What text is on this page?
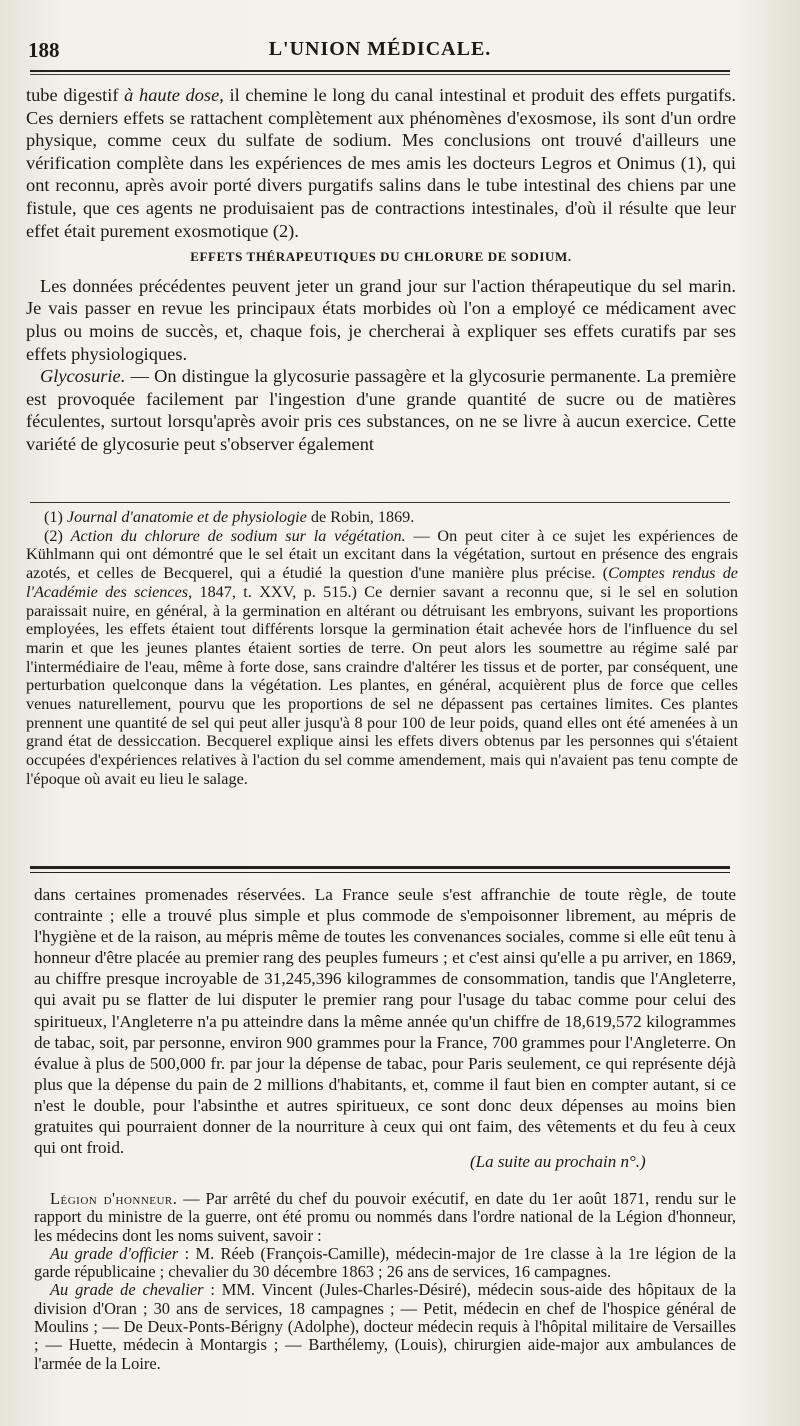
188	L'UNION MÉDICALE.

tube digestif à haute dose, il chemine le long du canal intestinal et produit des effets purgatifs. Ces derniers effets se rattachent complètement aux phénomènes d'exosmose, ils sont d'un ordre physique, comme ceux du sulfate de sodium. Mes conclusions ont trouvé d'ailleurs une vérification complète dans les expériences de mes amis les docteurs Legros et Onimus (1), qui ont reconnu, après avoir porté divers purgatifs salins dans le tube intestinal des chiens par une fistule, que ces agents ne produisaient pas de contractions intestinales, d'où il résulte que leur effet était purement exosmotique (2).

EFFETS THÉRAPEUTIQUES DU CHLORURE DE SODIUM.

Les données précédentes peuvent jeter un grand jour sur l'action thérapeutique du sel marin. Je vais passer en revue les principaux états morbides où l'on a employé ce médicament avec plus ou moins de succès, et, chaque fois, je chercherai à expliquer ses effets curatifs par ses effets physiologiques.

Glycosurie. — On distingue la glycosurie passagère et la glycosurie permanente. La première est provoquée facilement par l'ingestion d'une grande quantité de sucre ou de matières féculentes, surtout lorsqu'après avoir pris ces substances, on ne se livre à aucun exercice. Cette variété de glycosurie peut s'observer également

(1) Journal d'anatomie et de physiologie de Robin, 1869.

(2) Action du chlorure de sodium sur la végétation. — On peut citer à ce sujet les expériences de Kühlmann qui ont démontré que le sel était un excitant dans la végétation, surtout en présence des engrais azotés, et celles de Becquerel, qui a étudié la question d'une manière plus précise. (Comptes rendus de l'Académie des sciences, 1847, t. XXV, p. 515.) Ce dernier savant a reconnu que, si le sel en solution paraissait nuire, en général, à la germination en altérant ou détruisant les embryons, suivant les proportions employées, les effets étaient tout différents lorsque la germination était achevée hors de l'influence du sel marin et que les jeunes plantes étaient sorties de terre. On peut alors les soumettre au régime salé par l'intermédiaire de l'eau, même à forte dose, sans craindre d'altérer les tissus et de porter, par conséquent, une perturbation quelconque dans la végétation. Les plantes, en général, acquièrent plus de force que celles venues naturellement, pourvu que les proportions de sel ne dépassent pas certaines limites. Ces plantes prennent une quantité de sel qui peut aller jusqu'à 8 pour 100 de leur poids, quand elles ont été amenées à un grand état de dessiccation. Becquerel explique ainsi les effets divers obtenus par les personnes qui s'étaient occupées d'expériences relatives à l'action du sel comme amendement, mais qui n'avaient pas tenu compte de l'époque où avait eu lieu le salage.

dans certaines promenades réservées. La France seule s'est affranchie de toute règle, de toute contrainte ; elle a trouvé plus simple et plus commode de s'empoisonner librement, au mépris de l'hygiène et de la raison, au mépris même de toutes les convenances sociales, comme si elle eût tenu à honneur d'être placée au premier rang des peuples fumeurs ; et c'est ainsi qu'elle a pu arriver, en 1869, au chiffre presque incroyable de 31,245,396 kilogrammes de consommation, tandis que l'Angleterre, qui avait pu se flatter de lui disputer le premier rang pour l'usage du tabac comme pour celui des spiritueux, l'Angleterre n'a pu atteindre dans la même année qu'un chiffre de 18,619,572 kilogrammes de tabac, soit, par personne, environ 900 grammes pour la France, 700 grammes pour l'Angleterre. On évalue à plus de 500,000 fr. par jour la dépense de tabac, pour Paris seulement, ce qui représente déjà plus que la dépense du pain de 2 millions d'habitants, et, comme il faut bien en compter autant, si ce n'est le double, pour l'absinthe et autres spiritueux, ce sont donc deux dépenses au moins bien gratuites qui pourraient donner de la nourriture à ceux qui ont faim, des vêtements et du feu à ceux qui ont froid.

(La suite au prochain n°.)

Légion d'honneur. — Par arrêté du chef du pouvoir exécutif, en date du 1er août 1871, rendu sur le rapport du ministre de la guerre, ont été promu ou nommés dans l'ordre national de la Légion d'honneur, les médecins dont les noms suivent, savoir :

Au grade d'officier : M. Réeb (François-Camille), médecin-major de 1re classe à la 1re légion de la garde républicaine ; chevalier du 30 décembre 1863 ; 26 ans de services, 16 campagnes.

Au grade de chevalier : MM. Vincent (Jules-Charles-Désiré), médecin sous-aide des hôpitaux de la division d'Oran ; 30 ans de services, 18 campagnes ; — Petit, médecin en chef de l'hospice général de Moulins ; — De Deux-Ponts-Bérigny (Adolphe), docteur médecin requis à l'hôpital militaire de Versailles ; — Huette, médecin à Montargis ; — Barthélemy, (Louis), chirurgien aide-major aux ambulances de l'armée de la Loire.
